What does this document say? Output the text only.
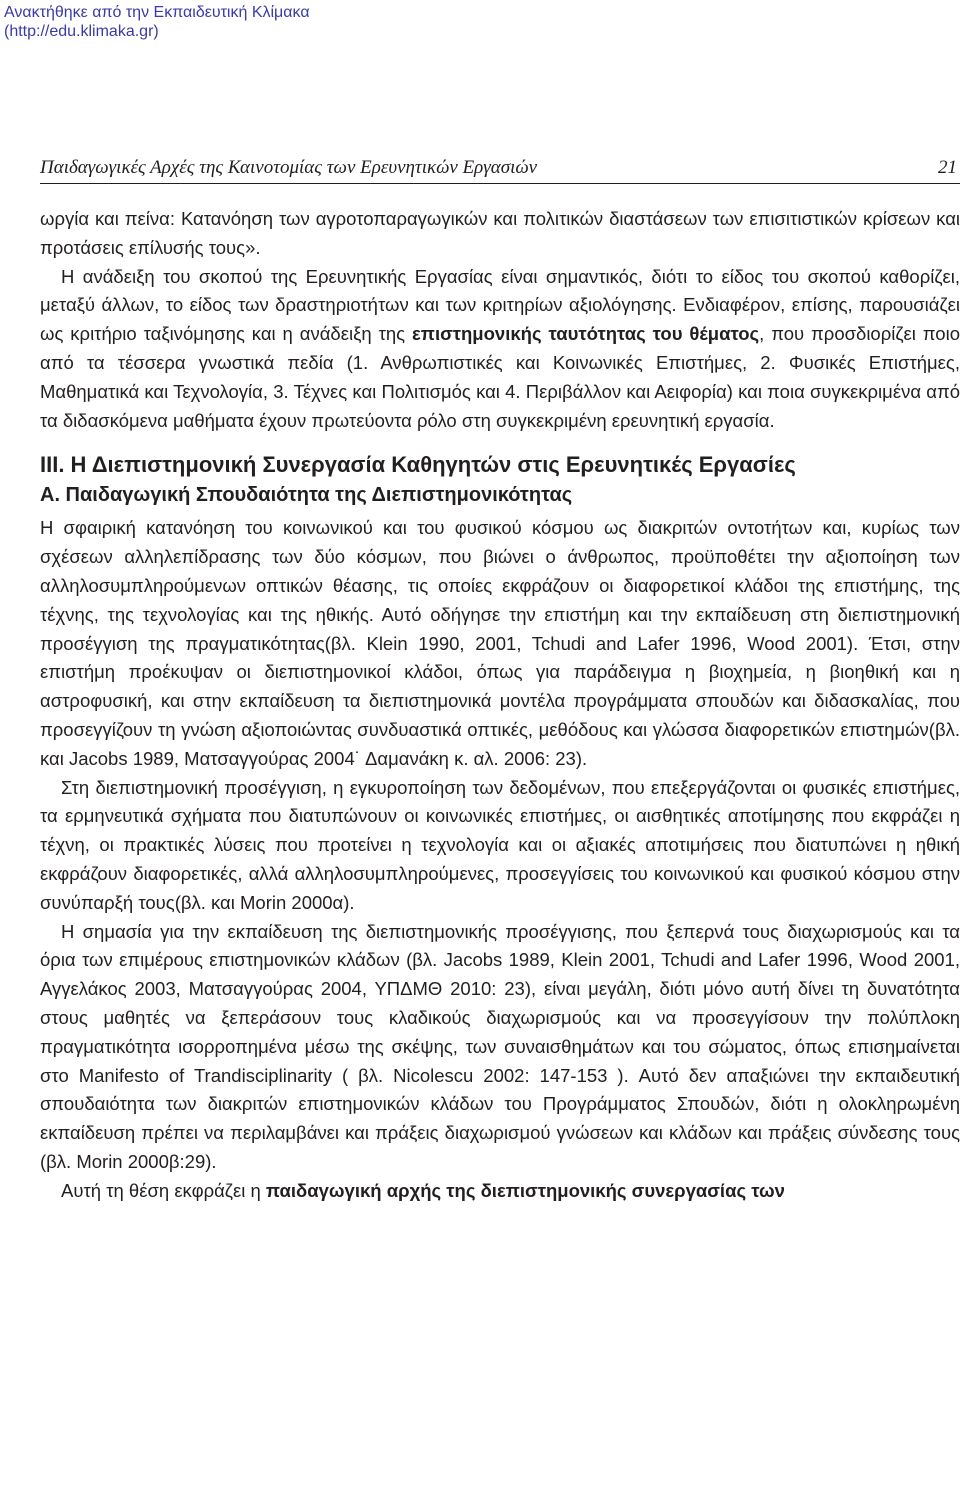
Ανακτήθηκε από την Εκπαιδευτική Κλίμακα
(http://edu.klimaka.gr)
Παιδαγωγικές Αρχές της Καινοτομίας των Ερευνητικών Εργασιών	21

ωργία και πείνα: Κατανόηση των αγροτοπαραγωγικών και πολιτικών διαστάσεων των επισιτιστικών κρίσεων και προτάσεις επίλυσής τους».

Η ανάδειξη του σκοπού της Ερευνητικής Εργασίας είναι σημαντικός, διότι το είδος του σκοπού καθορίζει, μεταξύ άλλων, το είδος των δραστηριοτήτων και των κριτηρίων αξιολόγησης. Ενδιαφέρον, επίσης, παρουσιάζει ως κριτήριο ταξινόμησης και η ανάδειξη της επιστημονικής ταυτότητας του θέματος, που προσδιορίζει ποιο από τα τέσσερα γνωστικά πεδία (1. Ανθρωπιστικές και Κοινωνικές Επιστήμες, 2. Φυσικές Επιστήμες, Μαθηματικά και Τεχνολογία, 3. Τέχνες και Πολιτισμός και 4. Περιβάλλον και Αειφορία) και ποια συγκεκριμένα από τα διδασκόμενα μαθήματα έχουν πρωτεύοντα ρόλο στη συγκεκριμένη ερευνητική εργασία.

III. Η Διεπιστημονική Συνεργασία Καθηγητών στις Ερευνητικές Εργασίες
Α. Παιδαγωγική Σπουδαιότητα της Διεπιστημονικότητας

Η σφαιρική κατανόηση του κοινωνικού και του φυσικού κόσμου ως διακριτών οντοτήτων και, κυρίως των σχέσεων αλληλεπίδρασης των δύο κόσμων, που βιώνει ο άνθρωπος, προϋποθέτει την αξιοποίηση των αλληλοσυμπληρούμενων οπτικών θέασης, τις οποίες εκφράζουν οι διαφορετικοί κλάδοι της επιστήμης, της τέχνης, της τεχνολογίας και της ηθικής. Αυτό οδήγησε την επιστήμη και την εκπαίδευση στη διεπιστημονική προσέγγιση της πραγματικότητας(βλ. Klein 1990, 2001, Tchudi and Lafer 1996, Wood 2001). Έτσι, στην επιστήμη προέκυψαν οι διεπιστημονικοί κλάδοι, όπως για παράδειγμα η βιοχημεία, η βιοηθική και η αστροφυσική, και στην εκπαίδευση τα διεπιστημονικά μοντέλα προγράμματα σπουδών και διδασκαλίας, που προσεγγίζουν τη γνώση αξιοποιώντας συνδυαστικά οπτικές, μεθόδους και γλώσσα διαφορετικών επιστημών(βλ. και Jacobs 1989, Ματσαγγούρας 2004˙ Δαμανάκη κ. αλ. 2006: 23).

Στη διεπιστημονική προσέγγιση, η εγκυροποίηση των δεδομένων, που επεξεργάζονται οι φυσικές επιστήμες, τα ερμηνευτικά σχήματα που διατυπώνουν οι κοινωνικές επιστήμες, οι αισθητικές αποτίμησης που εκφράζει η τέχνη, οι πρακτικές λύσεις που προτείνει η τεχνολογία και οι αξιακές αποτιμήσεις που διατυπώνει η ηθική εκφράζουν διαφορετικές, αλλά αλληλοσυμπληρούμενες, προσεγγίσεις του κοινωνικού και φυσικού κόσμου στην συνύπαρξή τους(βλ. και Morin 2000α).

Η σημασία για την εκπαίδευση της διεπιστημονικής προσέγγισης, που ξεπερνά τους διαχωρισμούς και τα όρια των επιμέρους επιστημονικών κλάδων (βλ. Jacobs 1989, Klein 2001, Tchudi and Lafer 1996, Wood 2001, Αγγελάκος 2003, Ματσαγγούρας 2004, ΥΠΔΜΘ 2010: 23), είναι μεγάλη, διότι μόνο αυτή δίνει τη δυνατότητα στους μαθητές να ξεπεράσουν τους κλαδικούς διαχωρισμούς και να προσεγγίσουν την πολύπλοκη πραγματικότητα ισορροπημένα μέσω της σκέψης, των συναισθημάτων και του σώματος, όπως επισημαίνεται στο Manifesto of Trandisciplinarity ( βλ. Nicolescu 2002: 147-153 ). Αυτό δεν απαξιώνει την εκπαιδευτική σπουδαιότητα των διακριτών επιστημονικών κλάδων του Προγράμματος Σπουδών, διότι η ολοκληρωμένη εκπαίδευση πρέπει να περιλαμβάνει και πράξεις διαχωρισμού γνώσεων και κλάδων και πράξεις σύνδεσης τους (βλ. Morin 2000β:29).

Αυτή τη θέση εκφράζει η παιδαγωγική αρχής της διεπιστημονικής συνεργασίας των
